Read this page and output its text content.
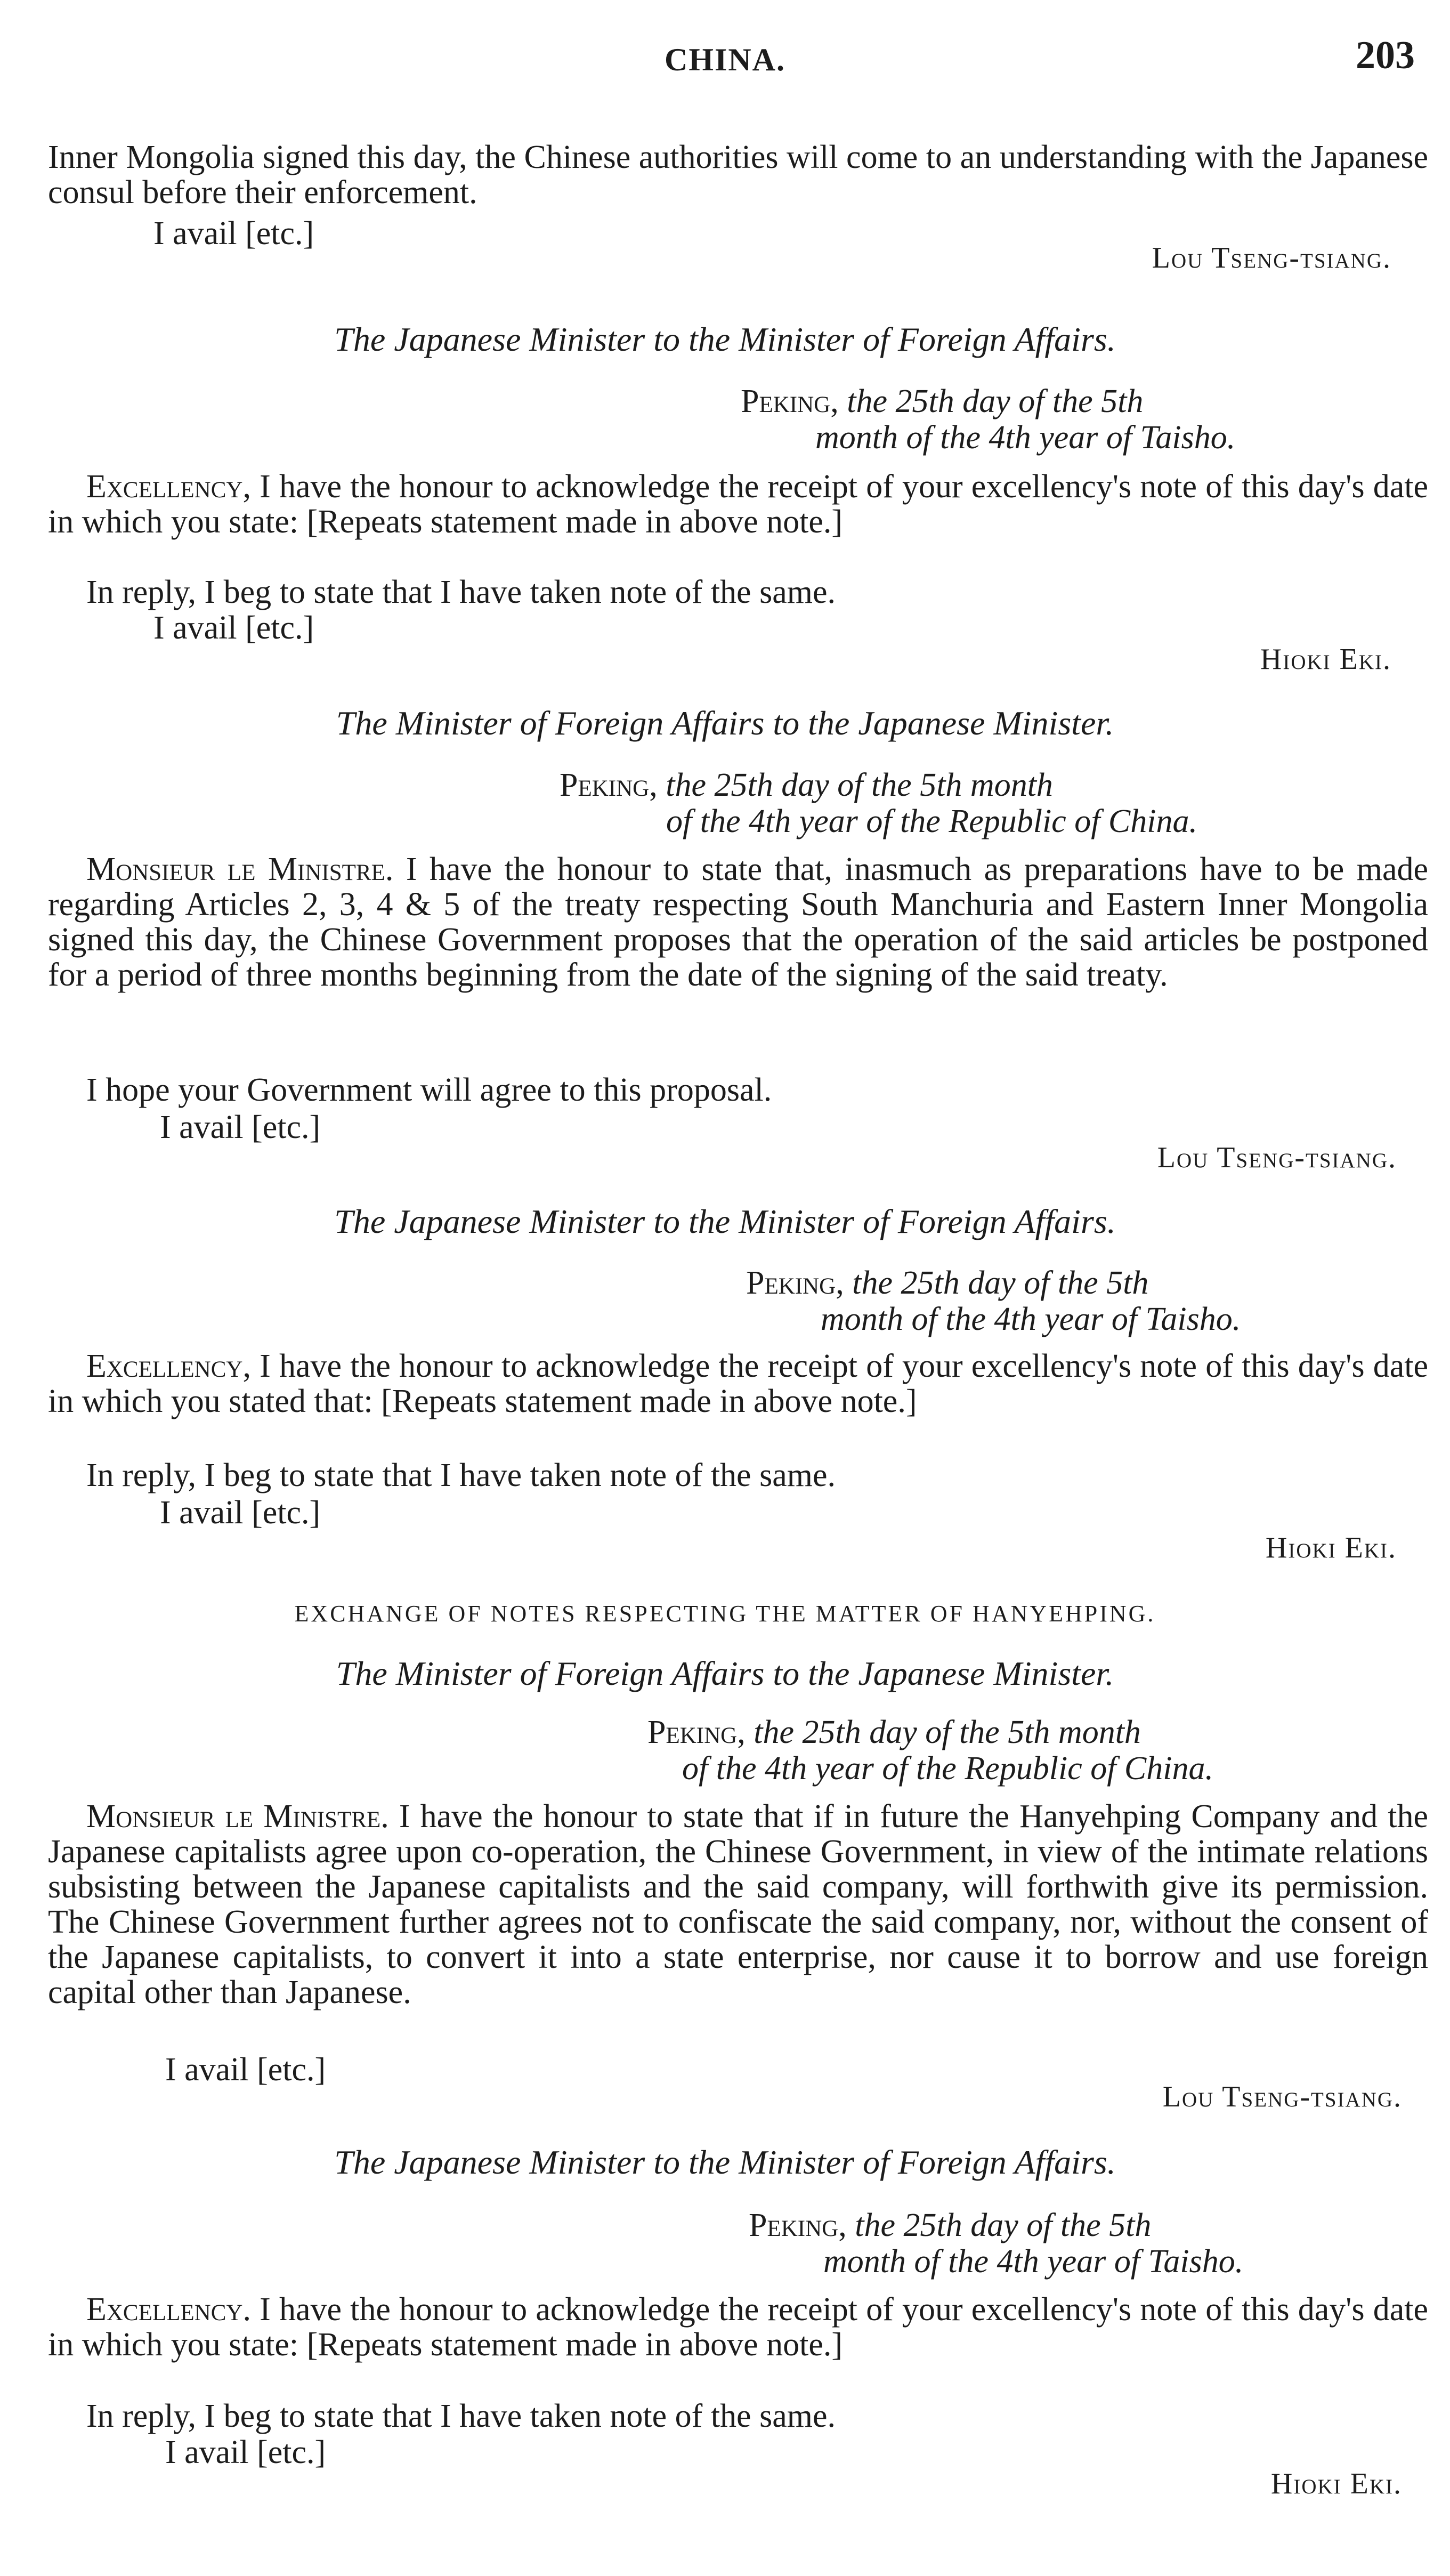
CHINA.	203

Inner Mongolia signed this day, the Chinese authorities will come to an understanding with the Japanese consul before their enforcement.

I avail [etc.]
Lou Tseng-tsiang.
The Japanese Minister to the Minister of Foreign Affairs.
Peking, the 25th day of the 5th
month of the 4th year of Taisho.

Excellency, I have the honour to acknowledge the receipt of your excellency's note of this day's date in which you state: [Repeats statement made in above note.]

In reply, I beg to state that I have taken note of the same.

I avail [etc.]
Hioki Eki.
The Minister of Foreign Affairs to the Japanese Minister.
Peking, the 25th day of the 5th month
of the 4th year of the Republic of China.

Monsieur le Ministre. I have the honour to state that, inasmuch as preparations have to be made regarding Articles 2, 3, 4 & 5 of the treaty respecting South Manchuria and Eastern Inner Mongolia signed this day, the Chinese Government proposes that the operation of the said articles be postponed for a period of three months beginning from the date of the signing of the said treaty.

I hope your Government will agree to this proposal.

I avail [etc.]
Lou Tseng-tsiang.
The Japanese Minister to the Minister of Foreign Affairs.
Peking, the 25th day of the 5th
month of the 4th year of Taisho.

Excellency, I have the honour to acknowledge the receipt of your excellency's note of this day's date in which you stated that: [Repeats statement made in above note.]

In reply, I beg to state that I have taken note of the same.

I avail [etc.]
Hioki Eki.
EXCHANGE OF NOTES RESPECTING THE MATTER OF HANYEHPING.
The Minister of Foreign Affairs to the Japanese Minister.
Peking, the 25th day of the 5th month
of the 4th year of the Republic of China.

Monsieur le Ministre. I have the honour to state that if in future the Hanyehping Company and the Japanese capitalists agree upon co-operation, the Chinese Government, in view of the intimate relations subsisting between the Japanese capitalists and the said company, will forthwith give its permission. The Chinese Government further agrees not to confiscate the said company, nor, without the consent of the Japanese capitalists, to convert it into a state enterprise, nor cause it to borrow and use foreign capital other than Japanese.

I avail [etc.]
Lou Tseng-tsiang.
The Japanese Minister to the Minister of Foreign Affairs.
Peking, the 25th day of the 5th
month of the 4th year of Taisho.

Excellency. I have the honour to acknowledge the receipt of your excellency's note of this day's date in which you state: [Repeats statement made in above note.]

In reply, I beg to state that I have taken note of the same.

I avail [etc.]
Hioki Eki.
